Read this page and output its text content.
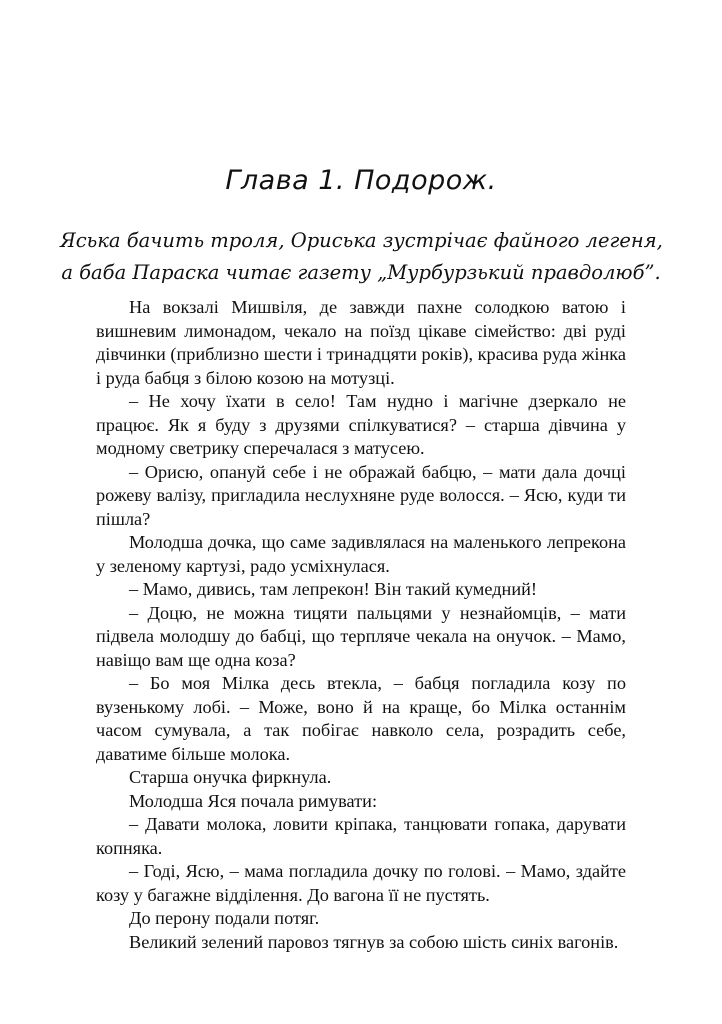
Глава 1. Подорож.
Яська бачить троля, Ориська зустрічає файного легеня,
а баба Параска читає газету „Мурбурзький правдолюб”.

На вокзалі Мишвіля, де завжди пахне солодкою ватою і вишневим лимонадом, чекало на поїзд цікаве сімейство: дві руді дівчинки (приблизно шести і тринадцяти років), красива руда жінка і руда бабця з білою козою на мотузці.

– Не хочу їхати в село! Там нудно і магічне дзеркало не працює. Як я буду з друзями спілкуватися? – старша дівчина у модному светрику сперечалася з матусею.

– Орисю, опануй себе і не ображай бабцю, – мати дала дочці рожеву валізу, пригладила неслухняне руде волосся. – Ясю, куди ти пішла?

Молодша дочка, що саме задивлялася на маленького лепрекона у зеленому картузі, радо усміхнулася.

– Мамо, дивись, там лепрекон! Він такий кумедний!

– Доцю, не можна тицяти пальцями у незнайомців, – мати підвела молодшу до бабці, що терпляче чекала на онучок. – Мамо, навіщо вам ще одна коза?

– Бо моя Мілка десь втекла, – бабця погладила козу по вузенькому лобі. – Може, воно й на краще, бо Мілка останнім часом сумувала, а так побігає навколо села, розрадить себе, даватиме більше молока.

Старша онучка фиркнула.

Молодша Яся почала римувати:

– Давати молока, ловити кріпака, танцювати гопака, дарувати копняка.

– Годі, Ясю, – мама погладила дочку по голові. – Мамо, здайте козу у багажне відділення. До вагона її не пустять.

До перону подали потяг.

Великий зелений паровоз тягнув за собою шість синіх вагонів.
